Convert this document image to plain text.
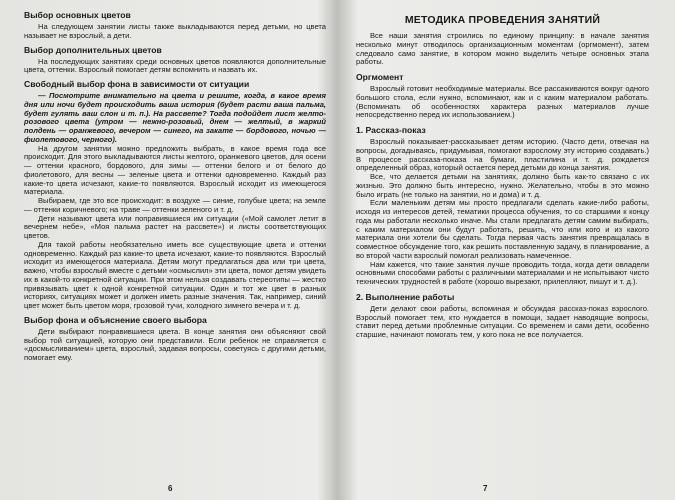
Выбор основных цветов

На следующем занятии листы также выкладываются перед детьми, но цвета называет не взрослый, а дети.

Выбор дополнительных цветов

На последующих занятиях среди основных цветов появляются дополнительные цвета, оттенки. Взрослый помогает детям вспомнить и назвать их.

Свободный выбор фона в зависимости от ситуации

— Посмотрите внимательно на цвета и решите, когда, в какое время дня или ночи будет происходить ваша история (будет расти ваша пальма, будет гулять ваш слон и т. п.). На рассвете? Тогда подойдет лист желто-розового цвета (утром — нежно-розовый, днем — желтый, в жаркий полдень — оранжевого, вечером — синего, на закате — бордового, ночью — фиолетового, черного).

На другом занятии можно предложить выбрать, в какое время года все происходит. Для этого выкладываются листы желтого, оранжевого цветов, для осени — оттенки красного, бордового, для зимы — оттенки белого и от белого до фиолетового, для весны — зеленые цвета и оттенки одновременно. Каждый раз какие-то цвета исчезают, какие-то появляются. Взрослый исходит из имеющегося материала.

Выбираем, где это все происходит: в воздухе — синие, голубые цвета; на земле — оттенки коричневого; на траве — оттенки зеленого и т. д.

Дети называют цвета или поправившиеся им ситуации («Мой самолет летит в вечернем небе», «Моя пальма растет на рассвете») и листы соответствующих цветов.

Для такой работы необязательно иметь все существующие цвета и оттенки одновременно. Каждый раз какие-то цвета исчезают, какие-то появляются. Взрослый исходит из имеющегося материала. Детям могут предлагаться два или три цвета, важно, чтобы взрослый вместе с детьми «осмыслил» эти цвета, помог детям увидеть их в какой-то конкретной ситуации. При этом нельзя создавать стереотипы — жестко привязывать цвет к одной конкретной ситуации. Один и тот же цвет в разных историях, ситуациях может и должен иметь разные значения. Так, например, синий цвет может быть цветом моря, грозовой тучи, холодного зимнего вечера и т. д.

Выбор фона и объяснение своего выбора

Дети выбирают понравившиеся цвета. В конце занятия они объясняют свой выбор той ситуацией, которую они представили. Если ребенок не справляется с «досмысливанием» цвета, взрослый, задавая вопросы, советуясь с другими детьми, помогает ему.

6
МЕТОДИКА ПРОВЕДЕНИЯ ЗАНЯТИЙ

Все наши занятия строились по единому принципу: в начале занятия несколько минут отводилось организационным моментам (оргмомент), затем следовало само занятие, в котором можно выделить четыре основных этапа работы.

Оргмомент

Взрослый готовит необходимые материалы. Все рассаживаются вокруг одного большого стола, если нужно, вспоминают, как и с каким материалом работать. (Вспоминать об особенностях характера разных материалов лучше непосредственно перед их использованием.)

1. Рассказ-показ

Взрослый показывает-рассказывает детям историю. (Часто дети, отвечая на вопросы, догадываясь, придумывая, помогают взрослому эту историю создавать.) В процессе рассказа-показа на бумаги, пластилина и т. д. рождается определенный образ, который остается перед детьми до конца занятия.

Все, что делается детьми на занятиях, должно быть как-то связано с их жизнью. Это должно быть интересно, нужно. Желательно, чтобы в это можно было играть (не только на занятии, но и дома) и т. д.

Если маленьким детям мы просто предлагали сделать какие-либо работы, исходя из интересов детей, тематики процесса обучения, то со старшими к концу года мы работали несколько иначе. Мы стали предлагать детям самим выбирать, с каким материалом они будут работать, решить, что или кого и из какого материала они хотели бы сделать. Тогда первая часть занятия превращалась в совместное обсуждение того, как решить поставленную задачу, в планирование, а во второй части взрослый помогал реализовать намеченное.

Нам кажется, что такие занятия лучше проводить тогда, когда дети овладели основными способами работы с различными материалами и не испытывают чисто технических трудностей в работе (хорошо вырезают, прилепляют, пишут и т. д.).

2. Выполнение работы

Дети делают свои работы, вспоминая и обсуждая рассказ-показ взрослого. Взрослый помогает тем, кто нуждается в помощи, задает наводящие вопросы, ставит перед детьми проблемные ситуации. Со временем и сами дети, особенно старшие, начинают помогать тем, у кого пока не все получается.

7
